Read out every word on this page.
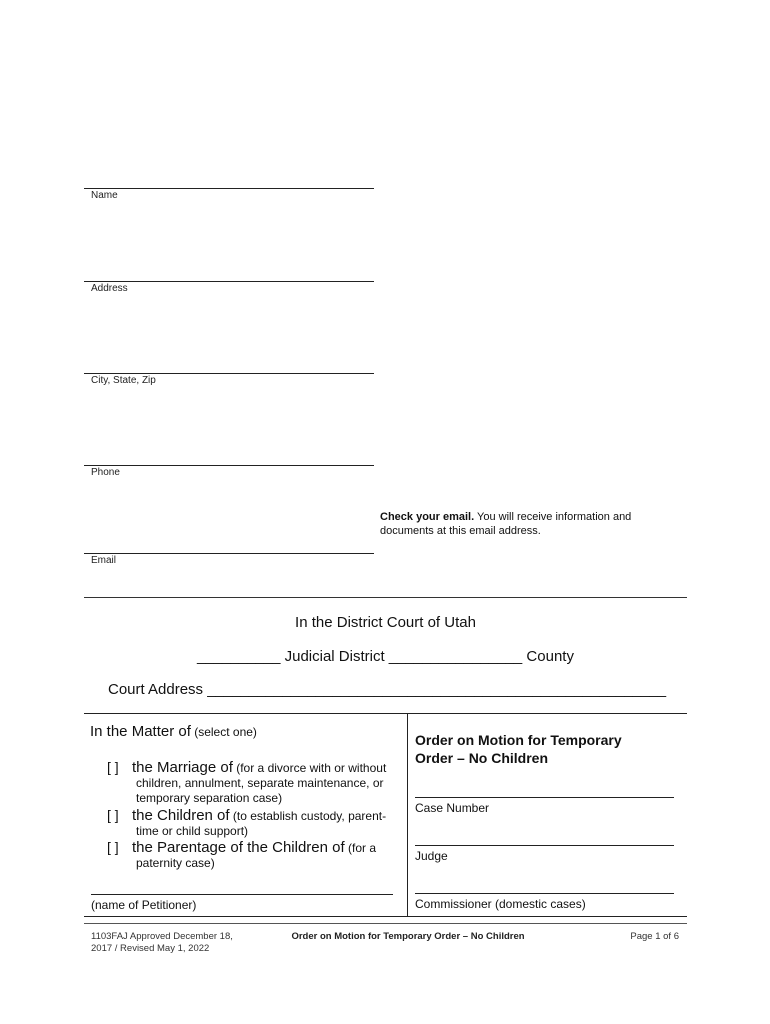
Name
Address
City, State, Zip
Phone
Check your email. You will receive information and documents at this email address.
Email
In the District Court of Utah
__________ Judicial District ________________ County
Court Address _______________________________________________________
In the Matter of (select one)
[ ] the Marriage of (for a divorce with or without
children, annulment, separate maintenance, or temporary separation case)
[ ] the Children of (to establish custody, parent-
time or child support)
[ ] the Parentage of the Children of (for a
paternity case)
(name of Petitioner)
Order on Motion for Temporary
Order – No Children
Case Number
Judge
Commissioner (domestic cases)
1103FAJ Approved December 18,
2017 / Revised May 1, 2022
Order on Motion for Temporary Order – No Children	Page 1 of 6
